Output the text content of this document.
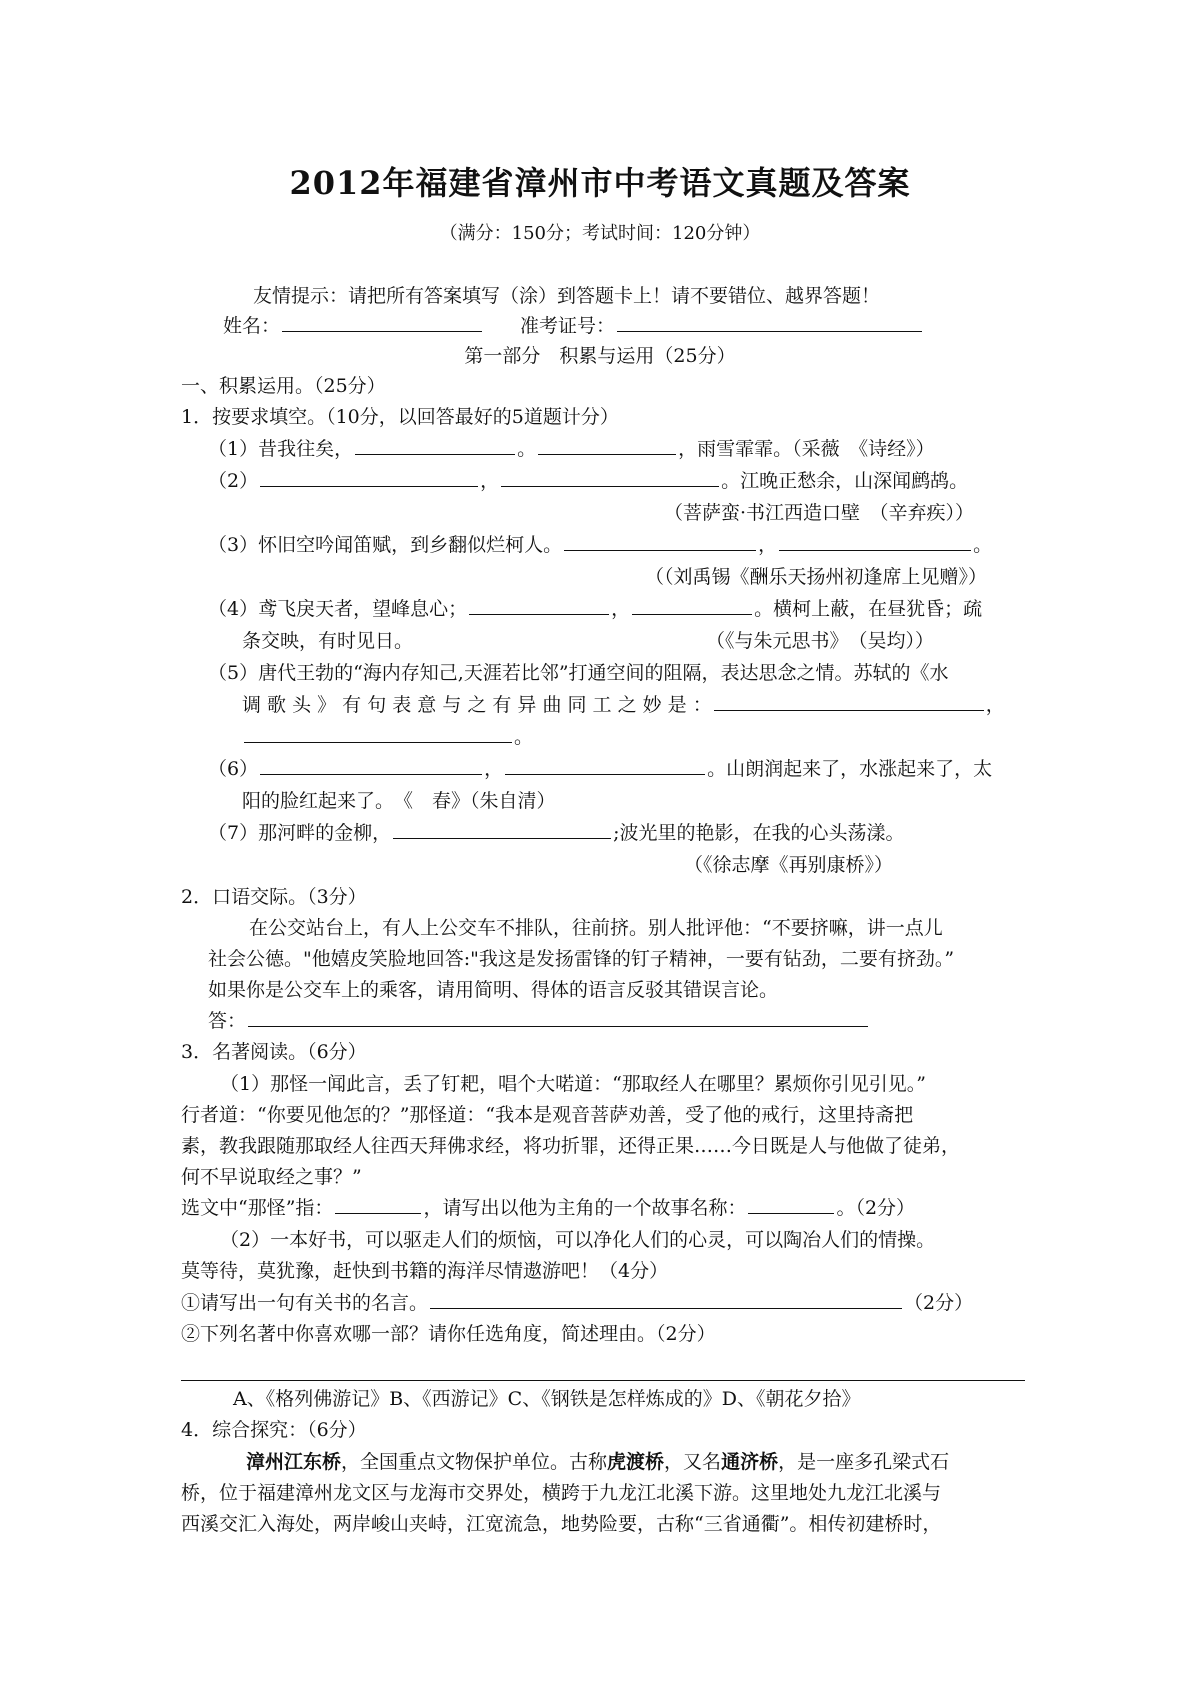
2012年福建省漳州市中考语文真题及答案
（满分：150分；考试时间：120分钟）
友情提示：请把所有答案填写（涂）到答题卡上！请不要错位、越界答题！
姓名：	准考证号：
第一部分　积累与运用（25分）
一、积累运用。（25分）
1．按要求填空。（10分，以回答最好的5道题计分）
（1）昔我往矣，	。	，雨雪霏霏。（采薇　《诗经》）
（2）	，	。江晚正愁余，山深闻鹧鸪。
（菩萨蛮·书江西造口壁　（辛弃疾））
（3）怀旧空吟闻笛赋，到乡翻似烂柯人。	，	。
（（刘禹锡《酬乐天扬州初逢席上见赠》）
（4）鸢飞戾天者，望峰息心；	，	。横柯上蔽，在昼犹昏；疏
条交映，有时见日。	（《与朱元思书》　（吴均））
（5）唐代王勃的“海内存知己,天涯若比邻”打通空间的阻隔，表达思念之情。苏轼的《水
调 歌 头 》 有 句 表 意 与 之 有 异 曲 同 工 之 妙 是 ：	，
。
（6）	，	。山朗润起来了，水涨起来了，太
阳的脸红起来了。　《　春》（朱自清）
（7）那河畔的金柳，	;波光里的艳影，在我的心头荡漾。
（《徐志摩《再别康桥》）
2．口语交际。（3分）
在公交站台上，有人上公交车不排队，往前挤。别人批评他：“不要挤嘛，讲一点儿
社会公德。"他嬉皮笑脸地回答:"我这是发扬雷锋的钉子精神，一要有钻劲，二要有挤劲。”
如果你是公交车上的乘客，请用简明、得体的语言反驳其错误言论。
答：
3．名著阅读。（6分）
（1）那怪一闻此言，丢了钉耙，唱个大喏道：“那取经人在哪里？累烦你引见引见。”
行者道：“你要见他怎的？”那怪道：“我本是观音菩萨劝善，受了他的戒行，这里持斋把
素，教我跟随那取经人往西天拜佛求经，将功折罪，还得正果……今日既是人与他做了徒弟，
何不早说取经之事？”
选文中“那怪”指：	，请写出以他为主角的一个故事名称：	。（2分）
（2）一本好书，可以驱走人们的烦恼，可以净化人们的心灵，可以陶冶人们的情操。
莫等待，莫犹豫，赶快到书籍的海洋尽情遨游吧！（4分）
①请写出一句有关书的名言。	（2分）
②下列名著中你喜欢哪一部？请你任选角度，简述理由。（2分）
A、《格列佛游记》B、《西游记》C、《钢铁是怎样炼成的》D、《朝花夕拾》
4．综合探究：（6分）
漳州江东桥，全国重点文物保护单位。古称虎渡桥，又名通济桥，是一座多孔梁式石
桥，位于福建漳州龙文区与龙海市交界处，横跨于九龙江北溪下游。这里地处九龙江北溪与
西溪交汇入海处，两岸峻山夹峙，江宽流急，地势险要，古称“三省通衢”。相传初建桥时，
